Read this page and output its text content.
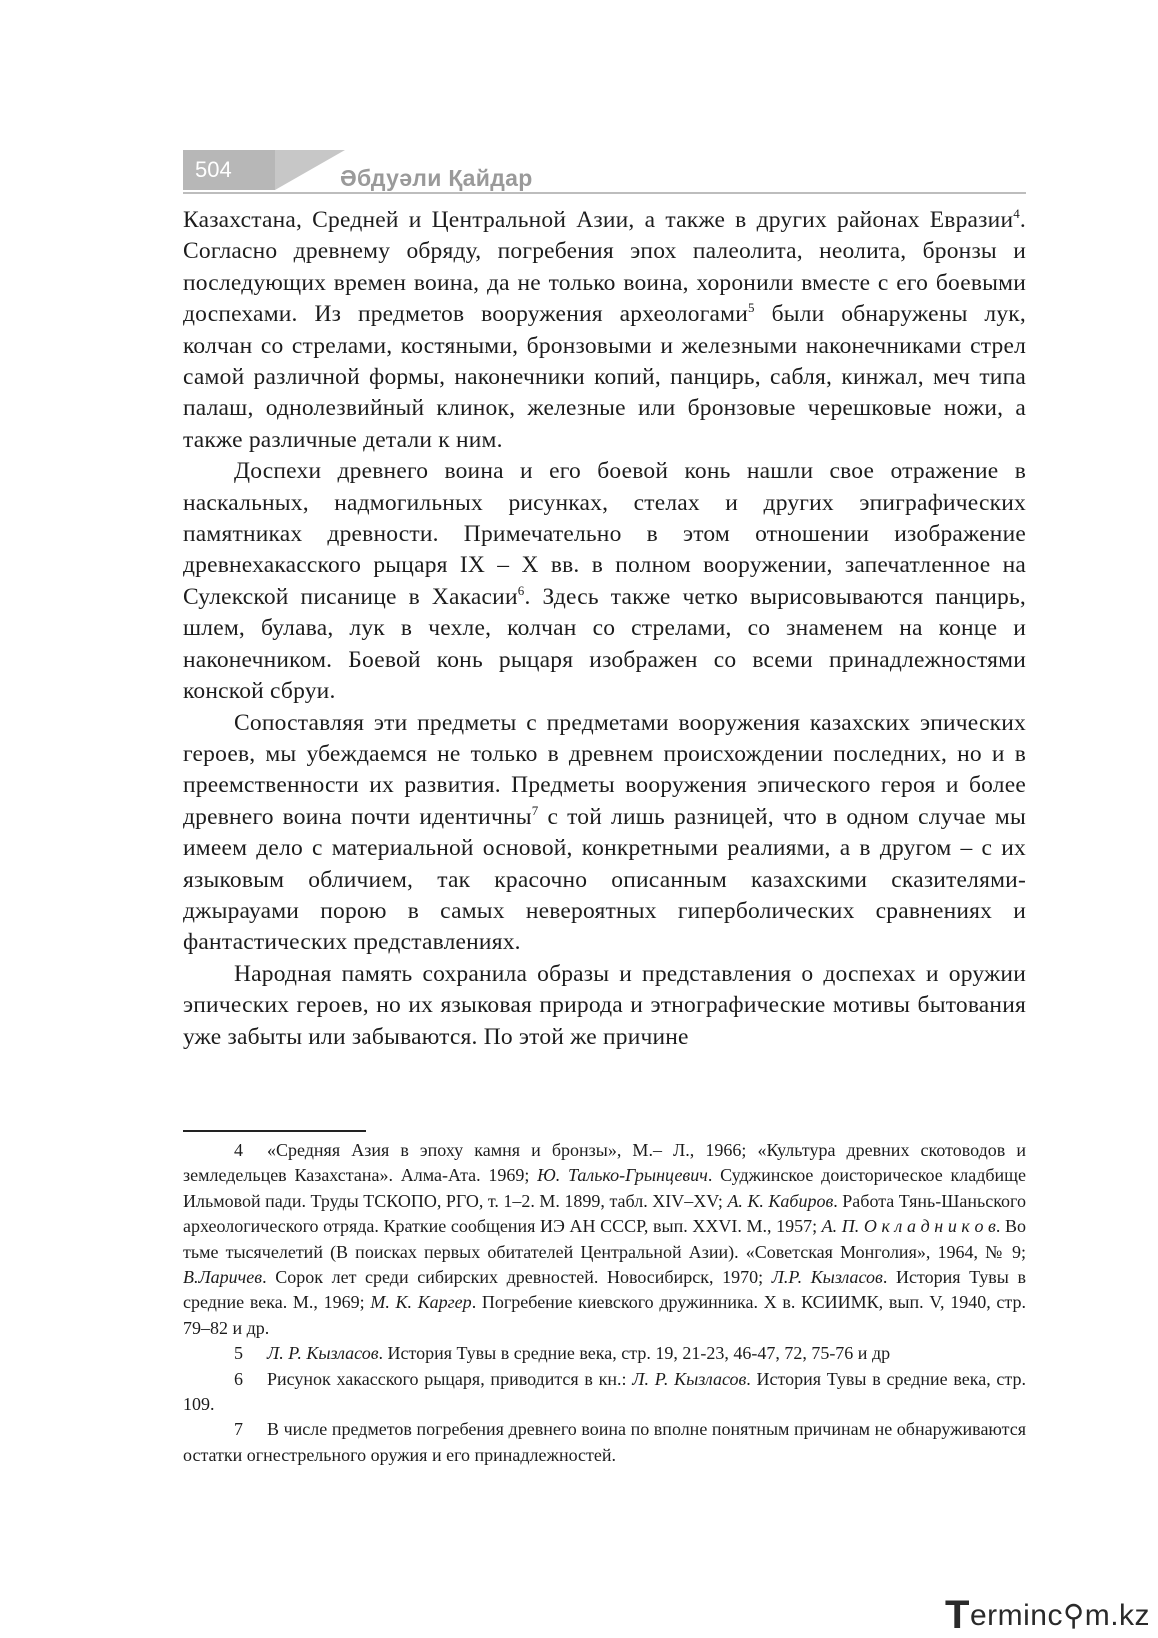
504	Әбдуәли Қайдар

Казахстана, Средней и Центральной Азии, а также в других районах Евразии$^4$. Согласно древнему обряду, погребения эпох палеолита, неолита, бронзы и последующих времен воина, да не только воина, хоронили вместе с его боевыми доспехами. Из предметов вооружения археологами$^5$ были обнаружены лук, колчан со стрелами, костяными, бронзовыми и железными наконечниками стрел самой различной формы, наконечники копий, панцирь, сабля, кинжал, меч типа палаш, однолезвийный клинок, железные или бронзовые черешковые ножи, а также различные детали к ним.

Доспехи древнего воина и его боевой конь нашли свое отражение в наскальных, надмогильных рисунках, стелах и других эпиграфических памятниках древности. Примечательно в этом отношении изображение древнехакасского рыцаря IX – X вв. в полном вооружении, запечатленное на Сулекской писанице в Хакасии$^6$. Здесь также четко вырисовываются панцирь, шлем, булава, лук в чехле, колчан со стрелами, со знаменем на конце и наконечником. Боевой конь рыцаря изображен со всеми принадлежностями конской сбруи.

Сопоставляя эти предметы с предметами вооружения казахских эпических героев, мы убеждаемся не только в древнем происхождении последних, но и в преемственности их развития. Предметы вооружения эпического героя и более древнего воина почти идентичны$^7$ с той лишь разницей, что в одном случае мы имеем дело с материальной основой, конкретными реалиями, а в другом – с их языковым обличием, так красочно описанным казахскими сказителями-джырауами порою в самых невероятных гиперболических сравнениях и фантастических представлениях.

Народная память сохранила образы и представления о доспехах и оружии эпических героев, но их языковая природа и этнографические мотивы бытования уже забыты или забываются. По этой же причине

4 «Средняя Азия в эпоху камня и бронзы», М.– Л., 1966; «Культура древних скотоводов и земледельцев Казахстана». Алма-Ата. 1969; Ю. Талько-Грынцевич. Суджинское доисторическое кладбище Ильмовой пади. Труды ТСКОПО, РГО, т. 1–2. М. 1899, табл. XIV–XV; А. К. Кабиров. Работа Тянь-Шаньского археологического отряда. Краткие сообщения ИЭ АН СССР, вып. XXVI. М., 1957; А. П. О к л а д н и к о в. Во тьме тысячелетий (В поисках первых обитателей Центральной Азии). «Советская Монголия», 1964, № 9; В.Ларичев. Сорок лет среди сибирских древностей. Новосибирск, 1970; Л.Р. Кызласов. История Тувы в средние века. М., 1969; М. К. Каргер. Погребение киевского дружинника. X в. КСИИМК, вып. V, 1940, стр. 79–82 и др.

5 Л. Р. Кызласов. История Тувы в средние века, стр. 19, 21-23, 46-47, 72, 75-76 и др

6 Рисунок хакасского рыцаря, приводится в кн.: Л. Р. Кызласов. История Тувы в средние века, стр. 109.

7 В числе предметов погребения древнего воина по вполне понятным причинам не обнаруживаются остатки огнестрельного оружия и его принадлежностей.

Terminc⚲m.kz
